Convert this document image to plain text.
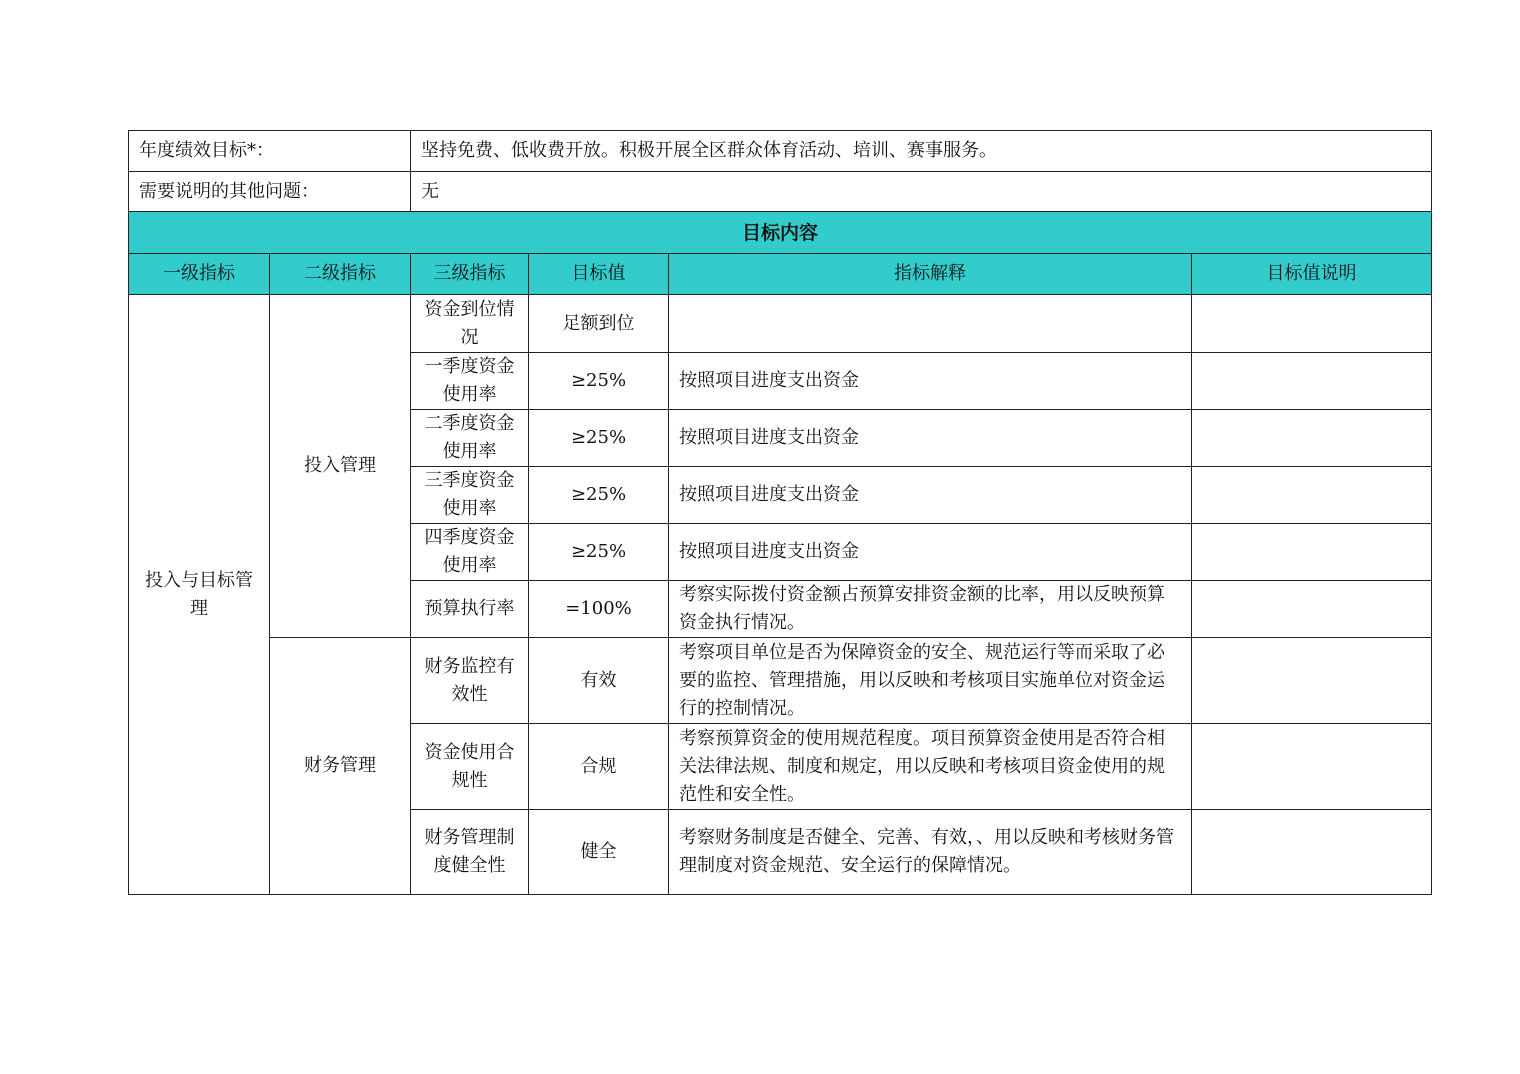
年度绩效目标*：		坚持免费、低收费开放。积极开展全区群众体育活动、培训、赛事服务。			
需要说明的其他问题：		无			
目标内容					
一级指标	二级指标	三级指标	目标值	指标解释	目标值说明
投入与目标管理	投入管理	资金到位情况	足额到位		
		一季度资金使用率	≥25%	按照项目进度支出资金	
		二季度资金使用率	≥25%	按照项目进度支出资金	
		三季度资金使用率	≥25%	按照项目进度支出资金	
		四季度资金使用率	≥25%	按照项目进度支出资金	
		预算执行率	=100%	考察实际拨付资金额占预算安排资金额的比率，用以反映预算资金执行情况。	
	财务管理	财务监控有效性	有效	考察项目单位是否为保障资金的安全、规范运行等而采取了必要的监控、管理措施，用以反映和考核项目实施单位对资金运行的控制情况。	
		资金使用合规性	合规	考察预算资金的使用规范程度。项目预算资金使用是否符合相关法律法规、制度和规定，用以反映和考核项目资金使用的规范性和安全性。	
		财务管理制度健全性	健全	考察财务制度是否健全、完善、有效，、用以反映和考核财务管理制度对资金规范、安全运行的保障情况。	
